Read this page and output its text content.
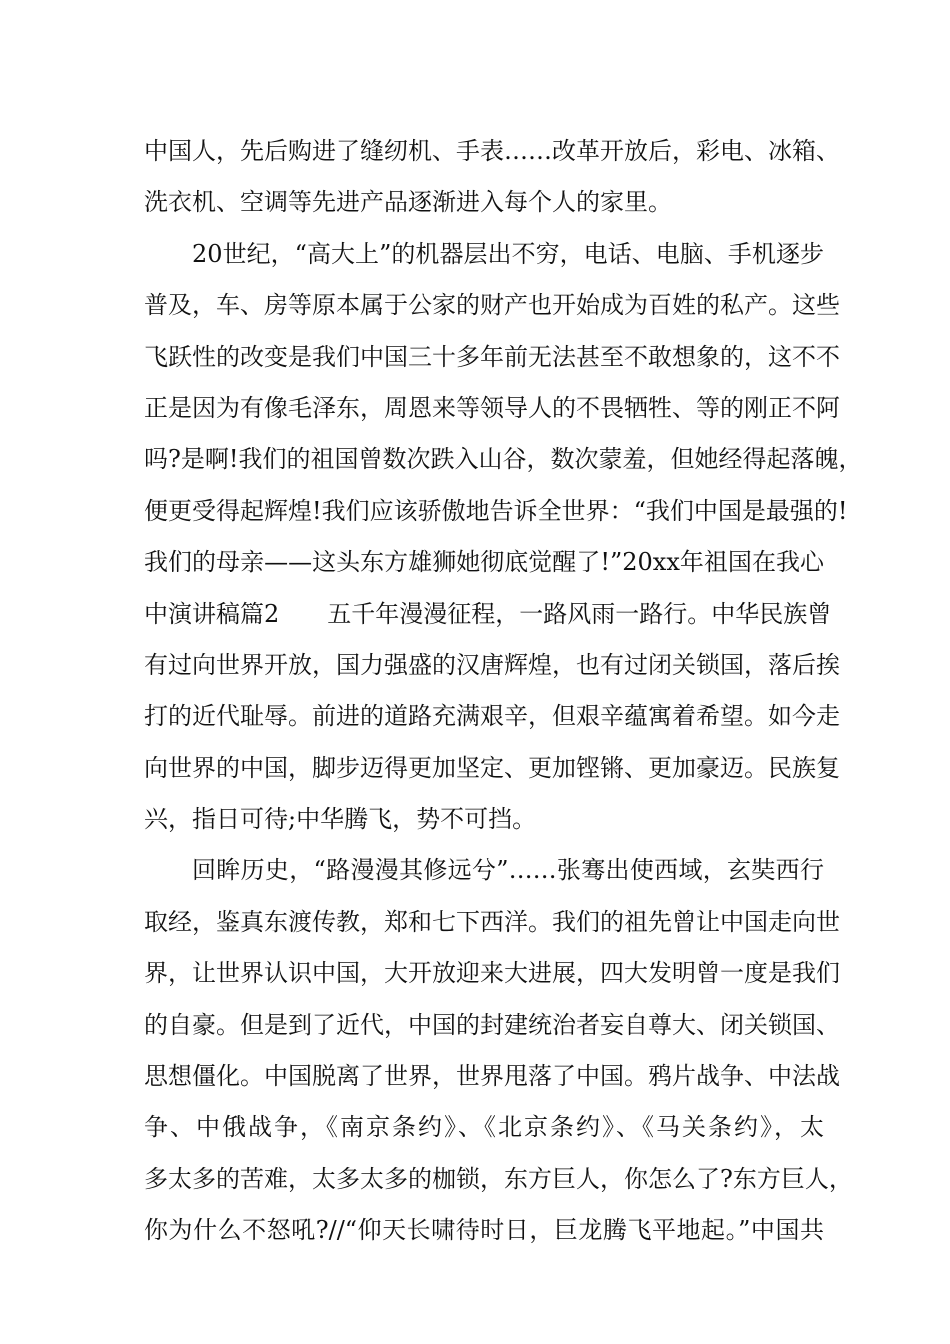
中国人，先后购进了缝纫机、手表……改革开放后，彩电、冰箱、
洗衣机、空调等先进产品逐渐进入每个人的家里。
20世纪，“高大上”的机器层出不穷，电话、电脑、手机逐步
普及，车、房等原本属于公家的财产也开始成为百姓的私产。这些
飞跃性的改变是我们中国三十多年前无法甚至不敢想象的，这不不
正是因为有像毛泽东，周恩来等领导人的不畏牺牲、等的刚正不阿
吗?是啊!我们的祖国曾数次跌入山谷，数次蒙羞，但她经得起落魄，
便更受得起辉煌!我们应该骄傲地告诉全世界：“我们中国是最强的!
我们的母亲——这头东方雄狮她彻底觉醒了!”20xx年祖国在我心
中演讲稿篇2　　五千年漫漫征程，一路风雨一路行。中华民族曾
有过向世界开放，国力强盛的汉唐辉煌，也有过闭关锁国，落后挨
打的近代耻辱。前进的道路充满艰辛，但艰辛蕴寓着希望。如今走
向世界的中国，脚步迈得更加坚定、更加铿锵、更加豪迈。民族复
兴，指日可待;中华腾飞，势不可挡。
回眸历史，“路漫漫其修远兮”……张骞出使西域，玄奘西行
取经，鉴真东渡传教，郑和七下西洋。我们的祖先曾让中国走向世
界，让世界认识中国，大开放迎来大进展，四大发明曾一度是我们
的自豪。但是到了近代，中国的封建统治者妄自尊大、闭关锁国、
思想僵化。中国脱离了世界，世界甩落了中国。鸦片战争、中法战
争、中俄战争，《南京条约》、《北京条约》、《马关条约》，太
多太多的苦难，太多太多的枷锁，东方巨人，你怎么了?东方巨人，
你为什么不怒吼?//“仰天长啸待时日，巨龙腾飞平地起。”中国共
